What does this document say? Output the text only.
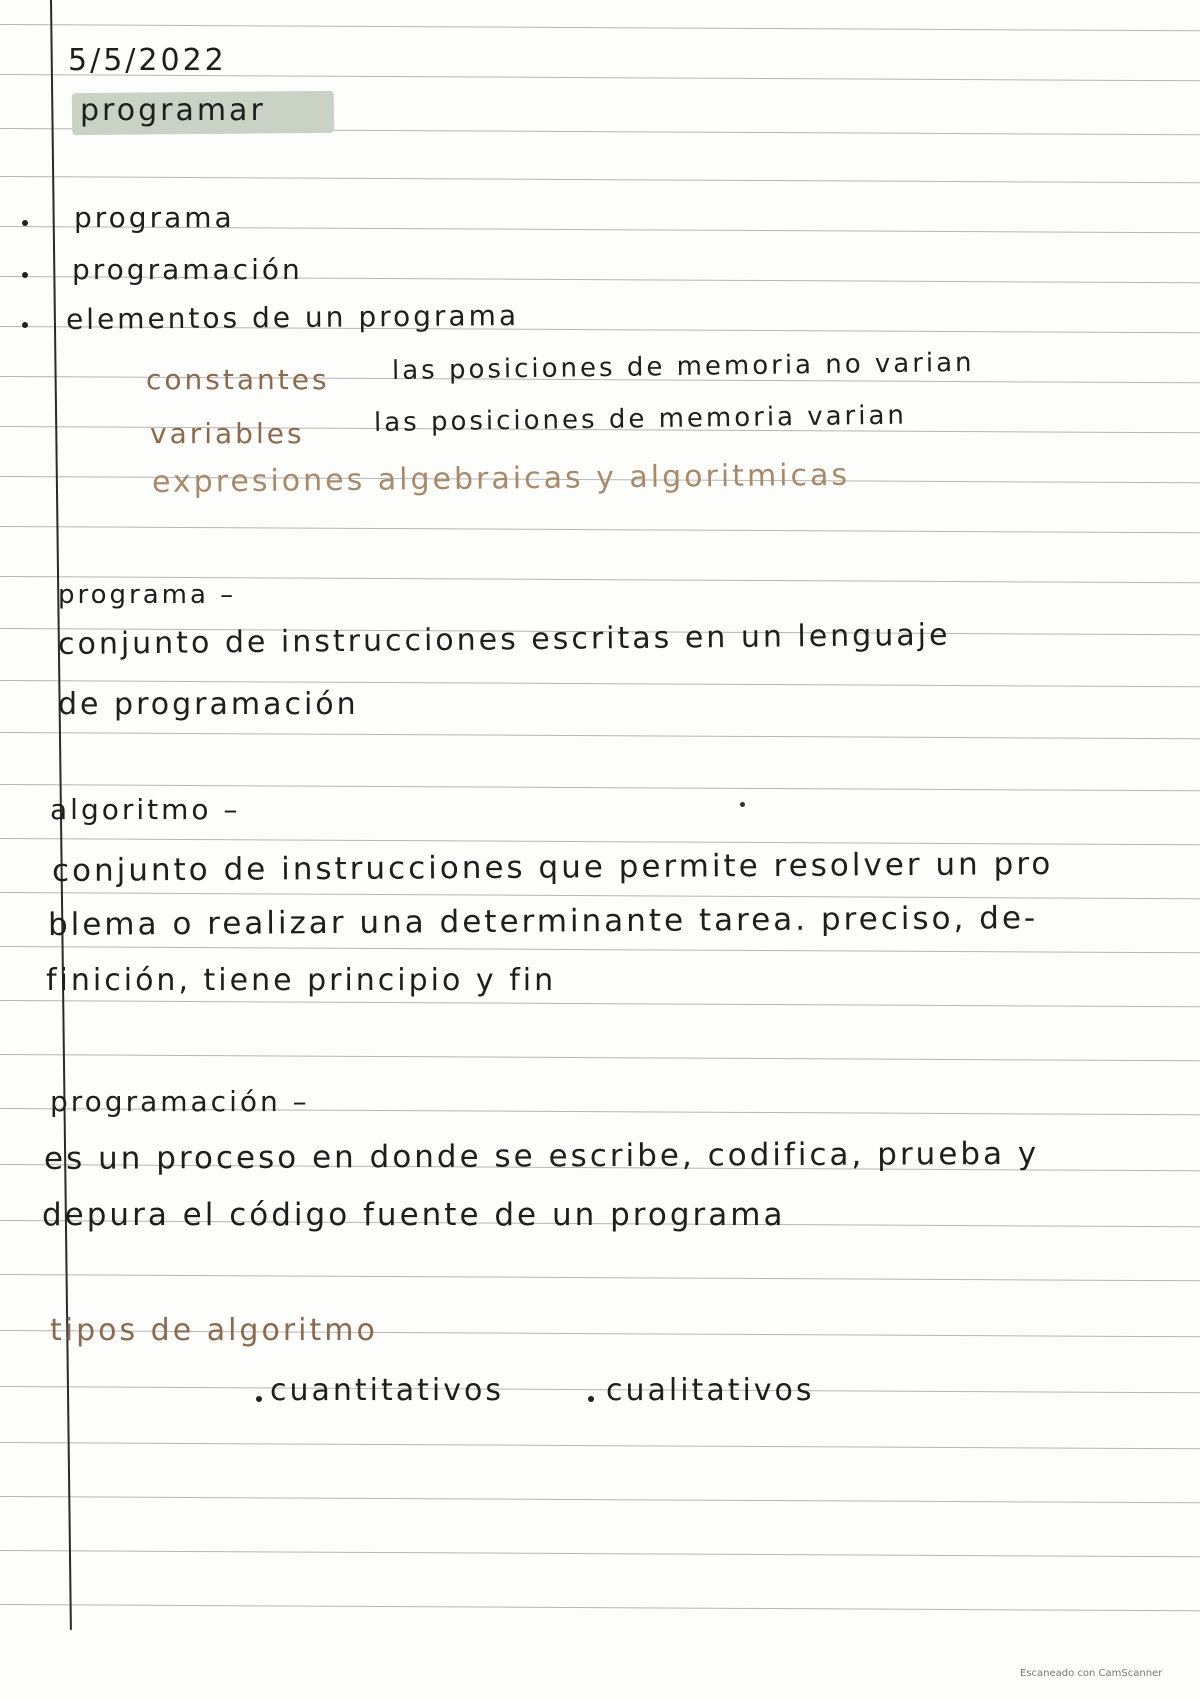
5/5/2022
programar
programa
programación
elementos de un programa
constantes las posiciones de memoria no varian
variables	las posiciones de memoria varian
expresiones algebraicas y algoritmicas
programa –
conjunto de instrucciones escritas en un lenguaje
de programación
algoritmo –
conjunto de instrucciones que permite resolver un pro
blema o realizar una determinante tarea. preciso, de-
finición, tiene principio y fin
programación –
es un proceso en donde se escribe, codifica, prueba y
depura el código fuente de un programa
tipos de algoritmo
cuantitativos	cualitativos
Escaneado con CamScanner
